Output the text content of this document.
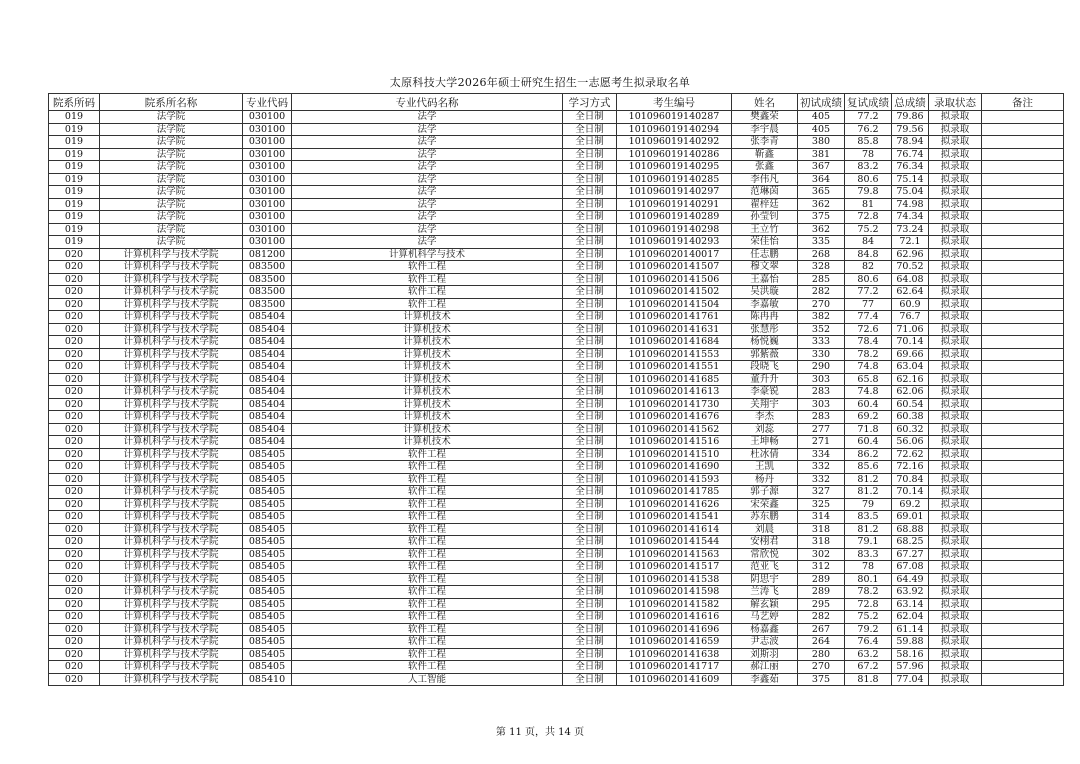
太原科技大学2026年硕士研究生招生一志愿考生拟录取名单
院系所码	院系所名称	专业代码	专业代码名称	学习方式	考生编号	姓名	初试成绩	复试成绩	总成绩	录取状态	备注
019	法学院	030100	法学	全日制	101096019140287	樊鑫荣	405	77.2	79.86	拟录取	
019	法学院	030100	法学	全日制	101096019140294	李宇晨	405	76.2	79.56	拟录取	
019	法学院	030100	法学	全日制	101096019140292	张李青	380	85.8	78.94	拟录取	
019	法学院	030100	法学	全日制	101096019140286	靳鑫	381	78	76.74	拟录取	
019	法学院	030100	法学	全日制	101096019140295	张鑫	367	83.2	76.34	拟录取	
019	法学院	030100	法学	全日制	101096019140285	李伟凡	364	80.6	75.14	拟录取	
019	法学院	030100	法学	全日制	101096019140297	范琳茵	365	79.8	75.04	拟录取	
019	法学院	030100	法学	全日制	101096019140291	翟梓廷	362	81	74.98	拟录取	
019	法学院	030100	法学	全日制	101096019140289	孙莹钊	375	72.8	74.34	拟录取	
019	法学院	030100	法学	全日制	101096019140298	王立竹	362	75.2	73.24	拟录取	
019	法学院	030100	法学	全日制	101096019140293	荣佳怡	335	84	72.1	拟录取	
020	计算机科学与技术学院	081200	计算机科学与技术	全日制	101096020140017	任志鹏	268	84.8	62.96	拟录取	
020	计算机科学与技术学院	083500	软件工程	全日制	101096020141507	穆文翠	328	82	70.52	拟录取	
020	计算机科学与技术学院	083500	软件工程	全日制	101096020141506	王嘉怡	285	80.6	64.08	拟录取	
020	计算机科学与技术学院	083500	软件工程	全日制	101096020141502	吴洪璇	282	77.2	62.64	拟录取	
020	计算机科学与技术学院	083500	软件工程	全日制	101096020141504	李嘉敏	270	77	60.9	拟录取	
020	计算机科学与技术学院	085404	计算机技术	全日制	101096020141761	陈冉冉	382	77.4	76.7	拟录取	
020	计算机科学与技术学院	085404	计算机技术	全日制	101096020141631	张慧彤	352	72.6	71.06	拟录取	
020	计算机科学与技术学院	085404	计算机技术	全日制	101096020141684	杨悦巍	333	78.4	70.14	拟录取	
020	计算机科学与技术学院	085404	计算机技术	全日制	101096020141553	郭紫薇	330	78.2	69.66	拟录取	
020	计算机科学与技术学院	085404	计算机技术	全日制	101096020141551	段晓飞	290	74.8	63.04	拟录取	
020	计算机科学与技术学院	085404	计算机技术	全日制	101096020141685	董升升	303	65.8	62.16	拟录取	
020	计算机科学与技术学院	085404	计算机技术	全日制	101096020141613	李豪锐	283	74.8	62.06	拟录取	
020	计算机科学与技术学院	085404	计算机技术	全日制	101096020141730	关翔宇	303	60.4	60.54	拟录取	
020	计算机科学与技术学院	085404	计算机技术	全日制	101096020141676	李杰	283	69.2	60.38	拟录取	
020	计算机科学与技术学院	085404	计算机技术	全日制	101096020141562	刘蕊	277	71.8	60.32	拟录取	
020	计算机科学与技术学院	085404	计算机技术	全日制	101096020141516	王坤畅	271	60.4	56.06	拟录取	
020	计算机科学与技术学院	085405	软件工程	全日制	101096020141510	杜冰倩	334	86.2	72.62	拟录取	
020	计算机科学与技术学院	085405	软件工程	全日制	101096020141690	王凯	332	85.6	72.16	拟录取	
020	计算机科学与技术学院	085405	软件工程	全日制	101096020141593	杨丹	332	81.2	70.84	拟录取	
020	计算机科学与技术学院	085405	软件工程	全日制	101096020141785	郭子源	327	81.2	70.14	拟录取	
020	计算机科学与技术学院	085405	软件工程	全日制	101096020141626	宋荣鑫	325	79	69.2	拟录取	
020	计算机科学与技术学院	085405	软件工程	全日制	101096020141541	苏东鹏	314	83.5	69.01	拟录取	
020	计算机科学与技术学院	085405	软件工程	全日制	101096020141614	刘晨	318	81.2	68.88	拟录取	
020	计算机科学与技术学院	085405	软件工程	全日制	101096020141544	安栩君	318	79.1	68.25	拟录取	
020	计算机科学与技术学院	085405	软件工程	全日制	101096020141563	常欣悦	302	83.3	67.27	拟录取	
020	计算机科学与技术学院	085405	软件工程	全日制	101096020141517	范亚飞	312	78	67.08	拟录取	
020	计算机科学与技术学院	085405	软件工程	全日制	101096020141538	阴思宇	289	80.1	64.49	拟录取	
020	计算机科学与技术学院	085405	软件工程	全日制	101096020141598	兰涛飞	289	78.2	63.92	拟录取	
020	计算机科学与技术学院	085405	软件工程	全日制	101096020141582	解玄颖	295	72.8	63.14	拟录取	
020	计算机科学与技术学院	085405	软件工程	全日制	101096020141616	马艺婷	282	75.2	62.04	拟录取	
020	计算机科学与技术学院	085405	软件工程	全日制	101096020141696	杨嘉鑫	267	79.2	61.14	拟录取	
020	计算机科学与技术学院	085405	软件工程	全日制	101096020141659	尹志波	264	76.4	59.88	拟录取	
020	计算机科学与技术学院	085405	软件工程	全日制	101096020141638	刘斯羽	280	63.2	58.16	拟录取	
020	计算机科学与技术学院	085405	软件工程	全日制	101096020141717	郝江丽	270	67.2	57.96	拟录取	
020	计算机科学与技术学院	085410	人工智能	全日制	101096020141609	李鑫茹	375	81.8	77.04	拟录取	
第 11 页，共 14 页
